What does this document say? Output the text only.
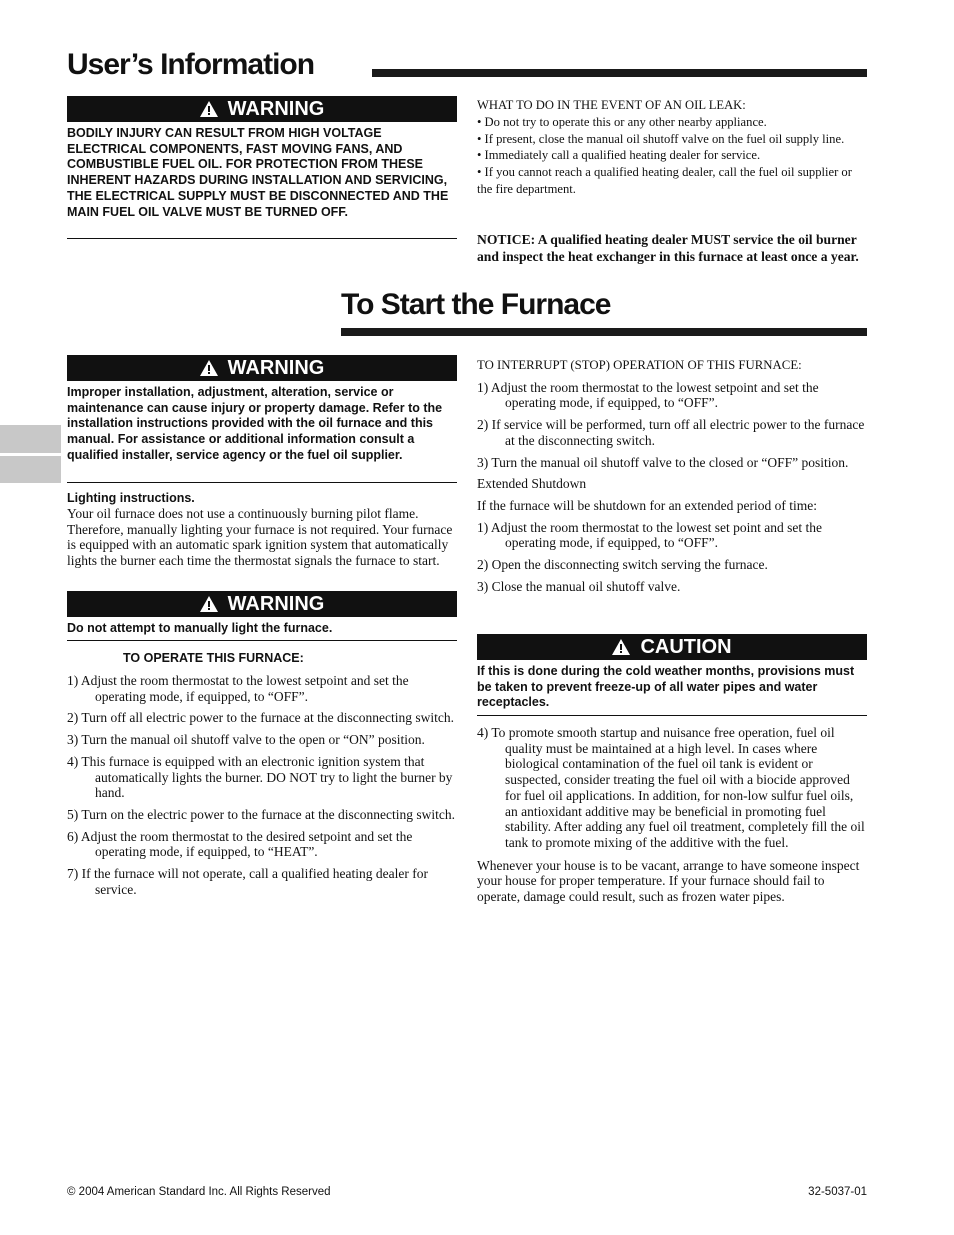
User’s Information
WARNING
BODILY INJURY CAN RESULT FROM HIGH VOLTAGE ELECTRICAL COMPONENTS, FAST MOVING FANS, AND COMBUSTIBLE FUEL OIL. FOR PROTECTION FROM THESE INHERENT HAZARDS DURING INSTALLATION AND SERVICING, THE ELECTRICAL SUPPLY MUST BE DISCONNECTED AND THE MAIN FUEL OIL VALVE MUST BE TURNED OFF.
WHAT TO DO IN THE EVENT OF AN OIL LEAK:
• Do not try to operate this or any other nearby appliance.
• If present, close the manual oil shutoff valve on the fuel oil supply line.
• Immediately call a qualified heating dealer for service.
• If you cannot reach a qualified heating dealer, call the fuel oil supplier or the fire department.
NOTICE: A qualified heating dealer MUST service the oil burner and inspect the heat exchanger in this furnace at least once a year.
To Start the Furnace
WARNING
Improper installation, adjustment, alteration, service or maintenance can cause injury or property damage. Refer to the installation instructions provided with the oil furnace and this manual. For assistance or additional information consult a qualified installer, service agency or the fuel oil supplier.
Lighting instructions.
Your oil furnace does not use a continuously burning pilot flame. Therefore, manually lighting your furnace is not required. Your furnace is equipped with an automatic spark ignition system that automatically lights the burner each time the thermostat signals the furnace to start.
WARNING
Do not attempt to manually light the furnace.
TO OPERATE THIS FURNACE:
1) Adjust the room thermostat to the lowest setpoint and set the operating mode, if equipped, to “OFF”.
2) Turn off all electric power to the furnace at the disconnecting switch.
3) Turn the manual oil shutoff valve to the open or “ON” position.
4) This furnace is equipped with an electronic ignition system that automatically lights the burner. DO NOT try to light the burner by hand.
5) Turn on the electric power to the furnace at the disconnecting switch.
6) Adjust the room thermostat to the desired setpoint and set the operating mode, if equipped, to “HEAT”.
7) If the furnace will not operate, call a qualified heating dealer for service.
TO INTERRUPT (STOP) OPERATION OF THIS FURNACE:
1) Adjust the room thermostat to the lowest setpoint and set the operating mode, if equipped, to “OFF”.
2) If service will be performed, turn off all electric power to the furnace at the disconnecting switch.
3) Turn the manual oil shutoff valve to the closed or “OFF” position.
Extended Shutdown
If the furnace will be shutdown for an extended period of time:
1) Adjust the room thermostat to the lowest set point and set the operating mode, if equipped, to “OFF”.
2) Open the disconnecting switch serving the furnace.
3) Close the manual oil shutoff valve.
CAUTION
If this is done during the cold weather months, provisions must be taken to prevent freeze-up of all water pipes and water receptacles.
4) To promote smooth startup and nuisance free operation, fuel oil quality must be maintained at a high level. In cases where biological contamination of the fuel oil tank is evident or suspected, consider treating the fuel oil with a biocide approved for fuel oil applications. In addition, for non-low sulfur fuel oils, an antioxidant additive may be beneficial in promoting fuel stability. After adding any fuel oil treatment, completely fill the oil tank to promote mixing of the additive with the fuel.
Whenever your house is to be vacant, arrange to have someone inspect your house for proper temperature. If your furnace should fail to operate, damage could result, such as frozen water pipes.
© 2004 American Standard Inc. All Rights Reserved	32-5037-01
